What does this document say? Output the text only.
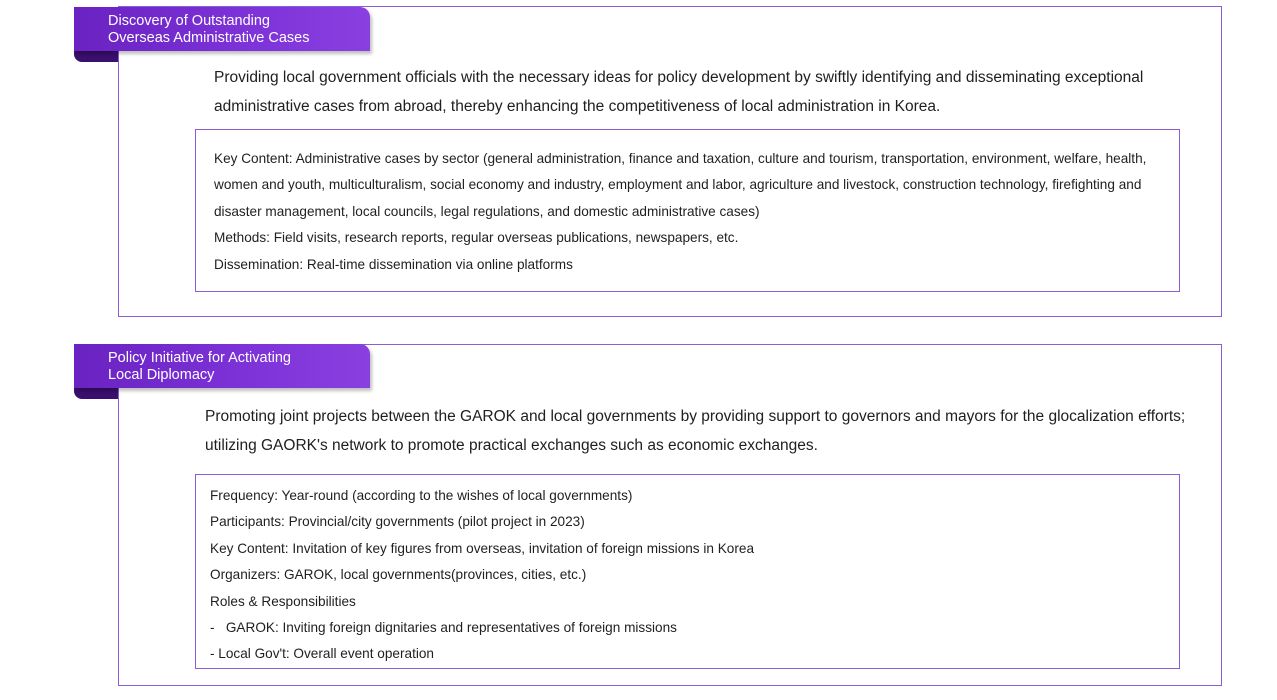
Discovery of Outstanding
Overseas Administrative Cases

Providing local government officials with the necessary ideas for policy development by swiftly identifying and disseminating exceptional administrative cases from abroad, thereby enhancing the competitiveness of local administration in Korea.

Key Content: Administrative cases by sector (general administration, finance and taxation, culture and tourism, transportation, environment, welfare, health, women and youth, multiculturalism, social economy and industry, employment and labor, agriculture and livestock, construction technology, firefighting and disaster management, local councils, legal regulations, and domestic administrative cases)
Methods: Field visits, research reports, regular overseas publications, newspapers, etc.
Dissemination: Real-time dissemination via online platforms
Policy Initiative for Activating
Local Diplomacy

Promoting joint projects between the GAROK and local governments by providing support to governors and mayors for the glocalization efforts; utilizing GAORK's network to promote practical exchanges such as economic exchanges.

Frequency: Year-round (according to the wishes of local governments)
Participants: Provincial/city governments (pilot project in 2023)
Key Content: Invitation of key figures from overseas, invitation of foreign missions in Korea
Organizers: GAROK, local governments(provinces, cities, etc.)
Roles & Responsibilities
-   GAROK: Inviting foreign dignitaries and representatives of foreign missions
- Local Gov't: Overall event operation
